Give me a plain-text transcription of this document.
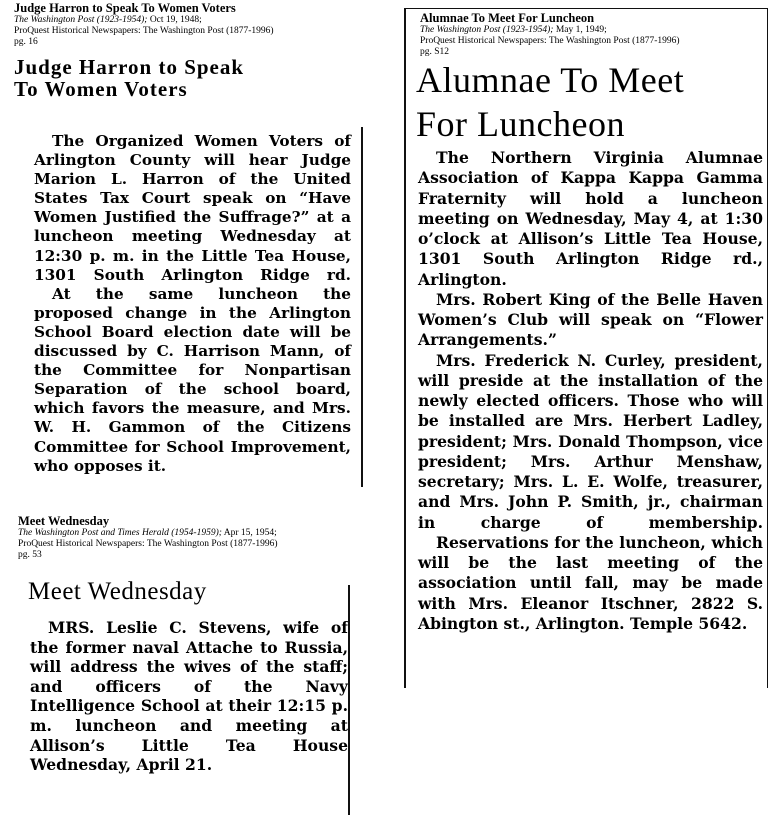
Judge Harron to Speak To Women Voters
The Washington Post (1923-1954); Oct 19, 1948;
ProQuest Historical Newspapers: The Washington Post (1877-1996)
pg. 16
Judge Harron to Speak
To Women Voters

The Organized Women Voters of Arlington County will hear Judge Marion L. Harron of the United States Tax Court speak on “Have Women Justified the Suffrage?” at a luncheon meeting Wednesday at 12:30 p. m. in the Little Tea House, 1301 South Arlington Ridge rd.

At the same luncheon the proposed change in the Arlington School Board election date will be discussed by C. Harrison Mann, of the Committee for Nonpartisan Separation of the school board, which favors the measure, and Mrs. W. H. Gammon of the Citizens Committee for School Improvement, who opposes it.

Meet Wednesday
The Washington Post and Times Herald (1954-1959); Apr 15, 1954;
ProQuest Historical Newspapers: The Washington Post (1877-1996)
pg. 53
Meet Wednesday

MRS. Leslie C. Stevens, wife of the former naval Attache to Russia, will address the wives of the staff; and officers of the Navy Intelligence School at their 12:15 p. m. luncheon and meeting at Allison’s Little Tea House Wednesday, April 21.

Alumnae To Meet For Luncheon
The Washington Post (1923-1954); May 1, 1949;
ProQuest Historical Newspapers: The Washington Post (1877-1996)
pg. S12
Alumnae To Meet
For Luncheon

The Northern Virginia Alumnae Association of Kappa Kappa Gamma Fraternity will hold a luncheon meeting on Wednesday, May 4, at 1:30 o’clock at Allison’s Little Tea House, 1301 South Arlington Ridge rd., Arlington.

Mrs. Robert King of the Belle Haven Women’s Club will speak on “Flower Arrangements.”

Mrs. Frederick N. Curley, president, will preside at the installation of the newly elected officers. Those who will be installed are Mrs. Herbert Ladley, president; Mrs. Donald Thompson, vice president; Mrs. Arthur Menshaw, secretary; Mrs. L. E. Wolfe, treasurer, and Mrs. John P. Smith, jr., chairman in charge of membership.

Reservations for the luncheon, which will be the last meeting of the association until fall, may be made with Mrs. Eleanor Itschner, 2822 S. Abington st., Arlington. Temple 5642.
